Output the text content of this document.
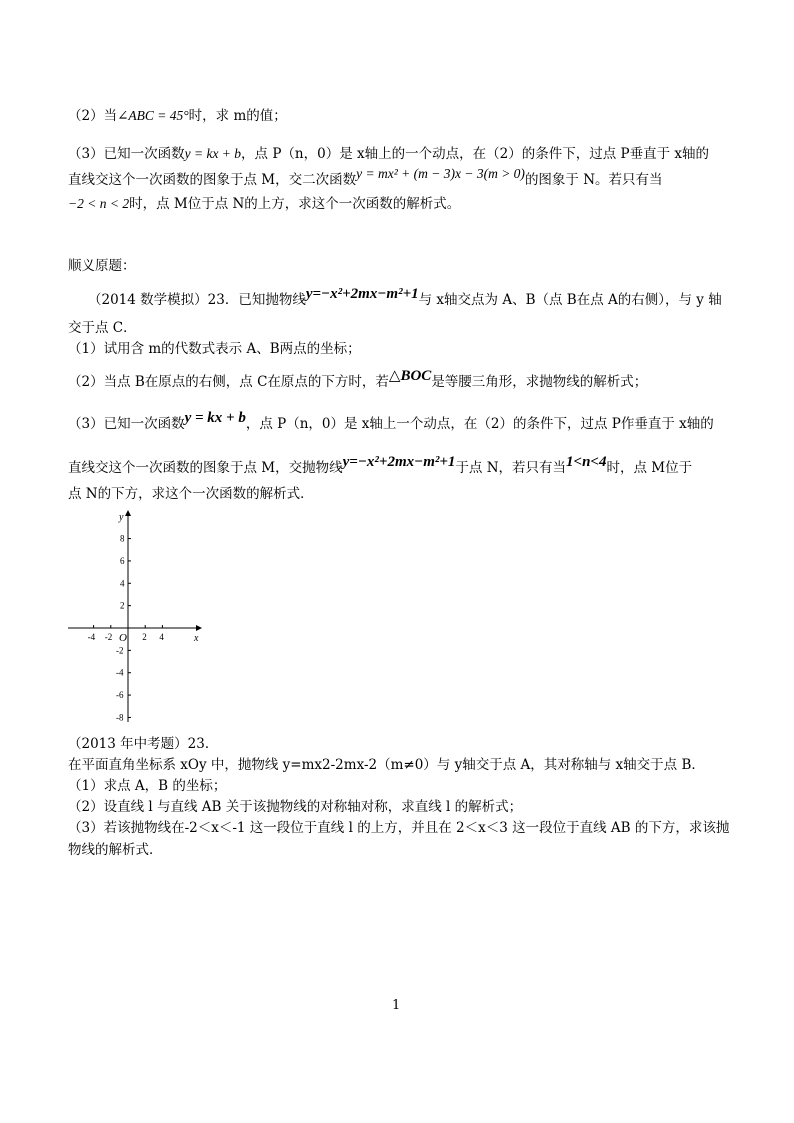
（2）当∠ABC = 45°时，求 m的值；
（3）已知一次函数y = kx + b，点 P（n，0）是 x轴上的一个动点，在（2）的条件下，过点 P垂直于 x轴的
直线交这个一次函数的图象于点 M，交二次函数y = mx² + (m − 3)x − 3(m > 0)的图象于 N。若只有当
−2 < n < 2时，点 M位于点 N的上方，求这个一次函数的解析式。
顺义原题：
（2014 数学模拟）23．已知抛物线y=−x²+2mx−m²+1与 x轴交点为 A、B（点 B在点 A的右侧），与 y 轴
交于点 C．
（1）试用含 m的代数式表示 A、B两点的坐标；
（2）当点 B在原点的右侧，点 C在原点的下方时，若△BOC是等腰三角形，求抛物线的解析式；
（3）已知一次函数y = kx + b，点 P（n，0）是 x轴上一个动点，在（2）的条件下，过点 P作垂直于 x轴的
直线交这个一次函数的图象于点 M，交抛物线y=−x²+2mx−m²+1于点 N，若只有当1<n<4时，点 M位于
点 N的下方，求这个一次函数的解析式．
y
x
O
-4 -2	2 4
8
6
4
2
-2
-4
-6
-8
（2013 年中考题）23．
在平面直角坐标系 xOy 中，抛物线 y=mx2-2mx-2（m≠0）与 y轴交于点 A，其对称轴与 x轴交于点 B．
（1）求点 A，B 的坐标；
（2）设直线 l 与直线 AB 关于该抛物线的对称轴对称，求直线 l 的解析式；
（3）若该抛物线在-2＜x＜-1 这一段位于直线 l 的上方，并且在 2＜x＜3 这一段位于直线 AB 的下方，求该抛
物线的解析式．
1
